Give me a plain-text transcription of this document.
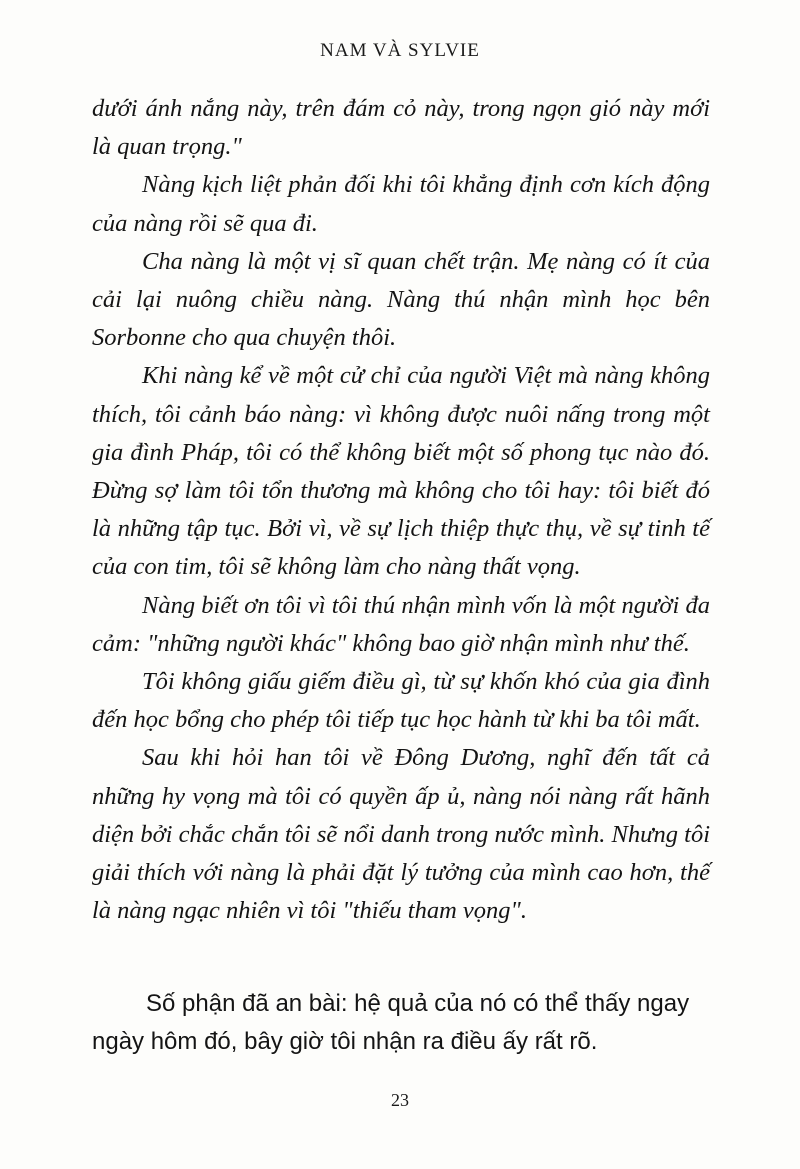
NAM VÀ SYLVIE

dưới ánh nắng này, trên đám cỏ này, trong ngọn gió này mới là quan trọng."

Nàng kịch liệt phản đối khi tôi khẳng định cơn kích động của nàng rồi sẽ qua đi.

Cha nàng là một vị sĩ quan chết trận. Mẹ nàng có ít của cải lại nuông chiều nàng. Nàng thú nhận mình học bên Sorbonne cho qua chuyện thôi.

Khi nàng kể về một cử chỉ của người Việt mà nàng không thích, tôi cảnh báo nàng: vì không được nuôi nấng trong một gia đình Pháp, tôi có thể không biết một số phong tục nào đó. Đừng sợ làm tôi tổn thương mà không cho tôi hay: tôi biết đó là những tập tục. Bởi vì, về sự lịch thiệp thực thụ, về sự tinh tế của con tim, tôi sẽ không làm cho nàng thất vọng.

Nàng biết ơn tôi vì tôi thú nhận mình vốn là một người đa cảm: "những người khác" không bao giờ nhận mình như thế.

Tôi không giấu giếm điều gì, từ sự khốn khó của gia đình đến học bổng cho phép tôi tiếp tục học hành từ khi ba tôi mất.

Sau khi hỏi han tôi về Đông Dương, nghĩ đến tất cả những hy vọng mà tôi có quyền ấp ủ, nàng nói nàng rất hãnh diện bởi chắc chắn tôi sẽ nổi danh trong nước mình. Nhưng tôi giải thích với nàng là phải đặt lý tưởng của mình cao hơn, thế là nàng ngạc nhiên vì tôi "thiếu tham vọng".

Số phận đã an bài: hệ quả của nó có thể thấy ngay
ngày hôm đó, bây giờ tôi nhận ra điều ấy rất rõ.

23
